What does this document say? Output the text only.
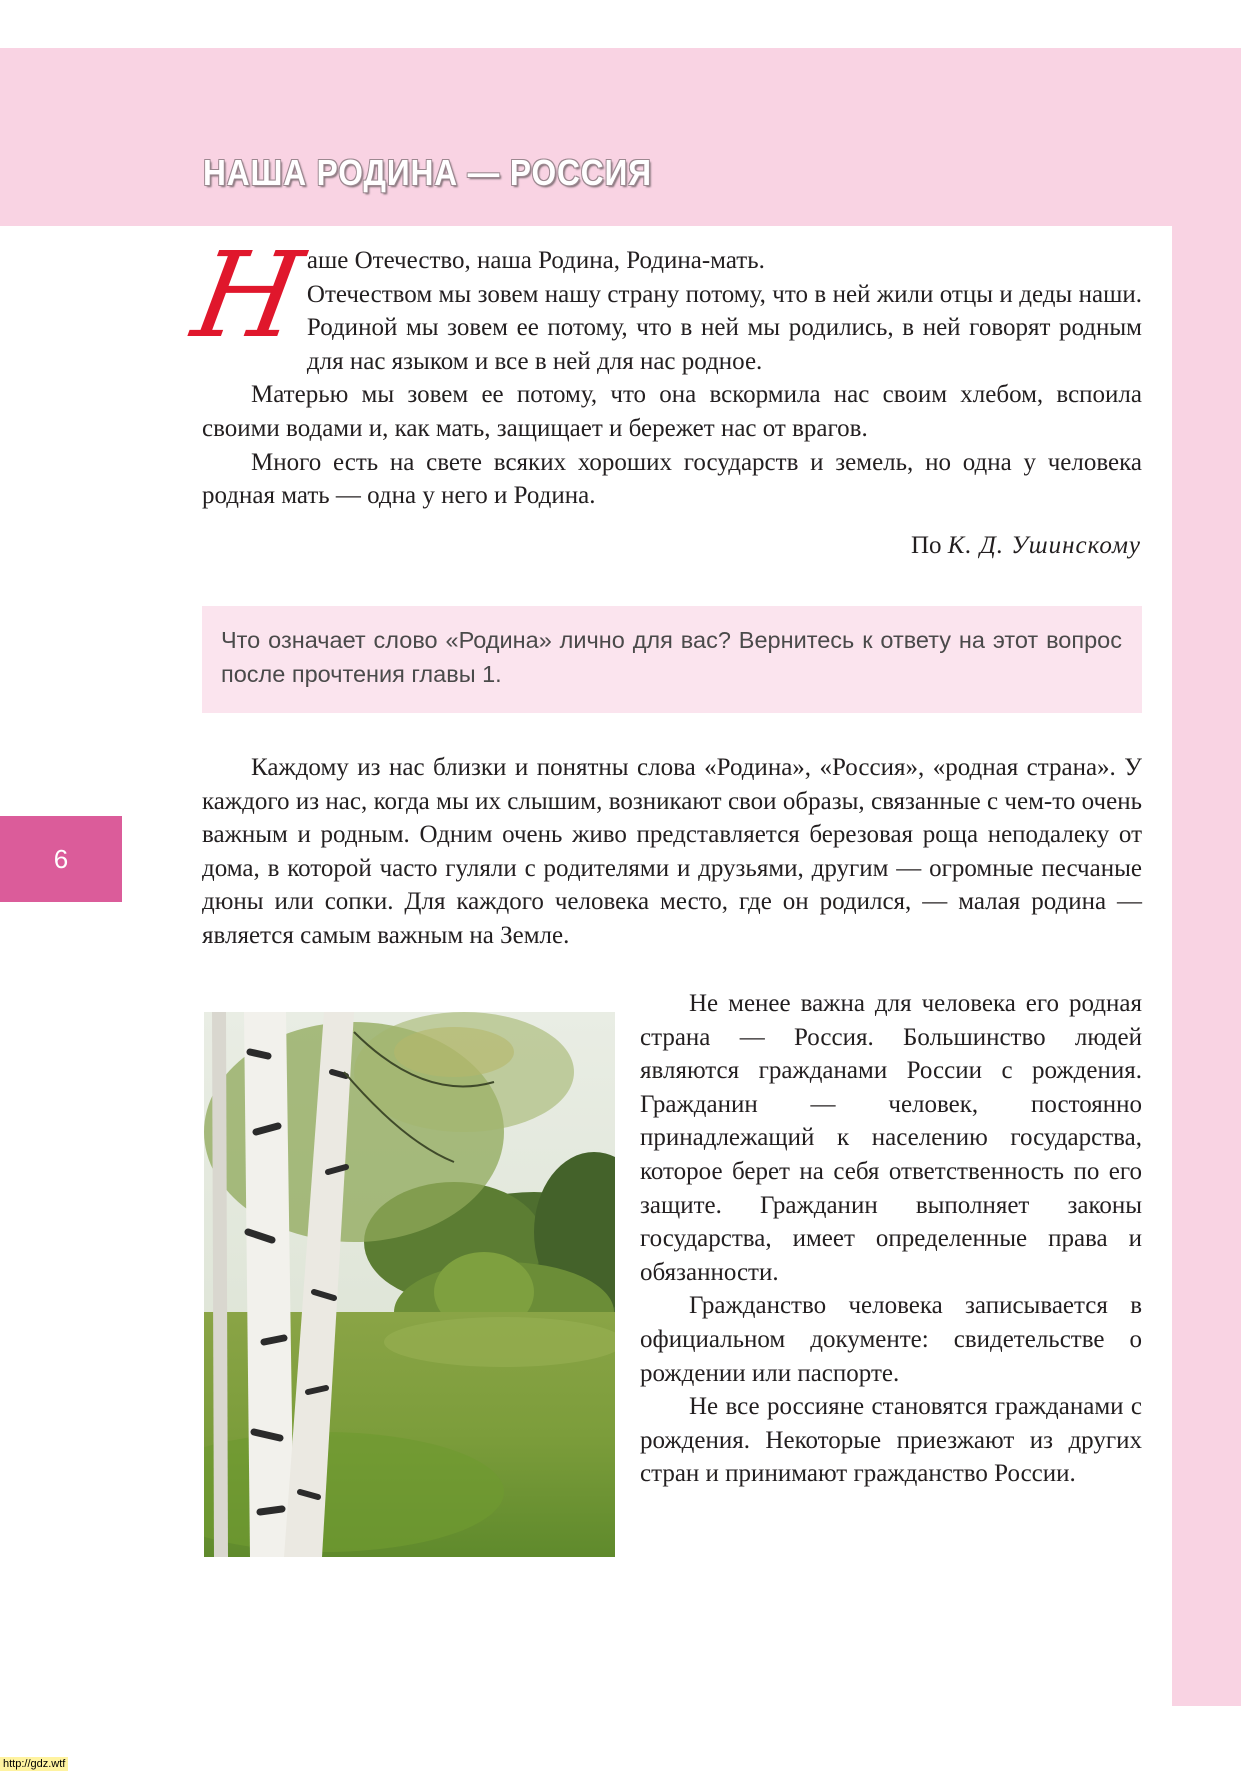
НАША РОДИНА — РОССИЯ
Н

аше Отечество, наша Родина, Родина-мать.

Отечеством мы зовем нашу страну потому, что в ней жили отцы и деды наши. Родиной мы зовем ее потому, что в ней мы родились, в ней говорят родным для нас языком и все в ней для нас родное.

Матерью мы зовем ее потому, что она вскормила нас своим хлебом, вспоила своими водами и, как мать, защищает и бережет нас от врагов.

Много есть на свете всяких хороших государств и земель, но одна у человека родная мать — одна у него и Родина.

По К. Д. Ушинскому
Что означает слово «Родина» лично для вас? Вернитесь к ответу на этот вопрос после прочтения главы 1.

Каждому из нас близки и понятны слова «Родина», «Россия», «родная страна». У каждого из нас, когда мы их слышим, возникают свои образы, связанные с чем-то очень важным и родным. Одним очень живо представляется березовая роща неподалеку от дома, в которой часто гуляли с родителями и друзьями, другим — огромные песчаные дюны или сопки. Для каждого человека место, где он родился, — малая родина — является самым важным на Земле.

6

Не менее важна для человека его родная страна — Россия. Большинство людей являются гражданами России с рождения. Гражданин — человек, постоянно принадлежащий к населению государства, которое берет на себя ответственность по его защите. Гражданин выполняет законы государства, имеет определенные права и обязанности.

Гражданство человека записывается в официальном документе: свидетельстве о рождении или паспорте.

Не все россияне становятся гражданами с рождения. Некоторые приезжают из других стран и принимают гражданство России.

http://gdz.wtf
